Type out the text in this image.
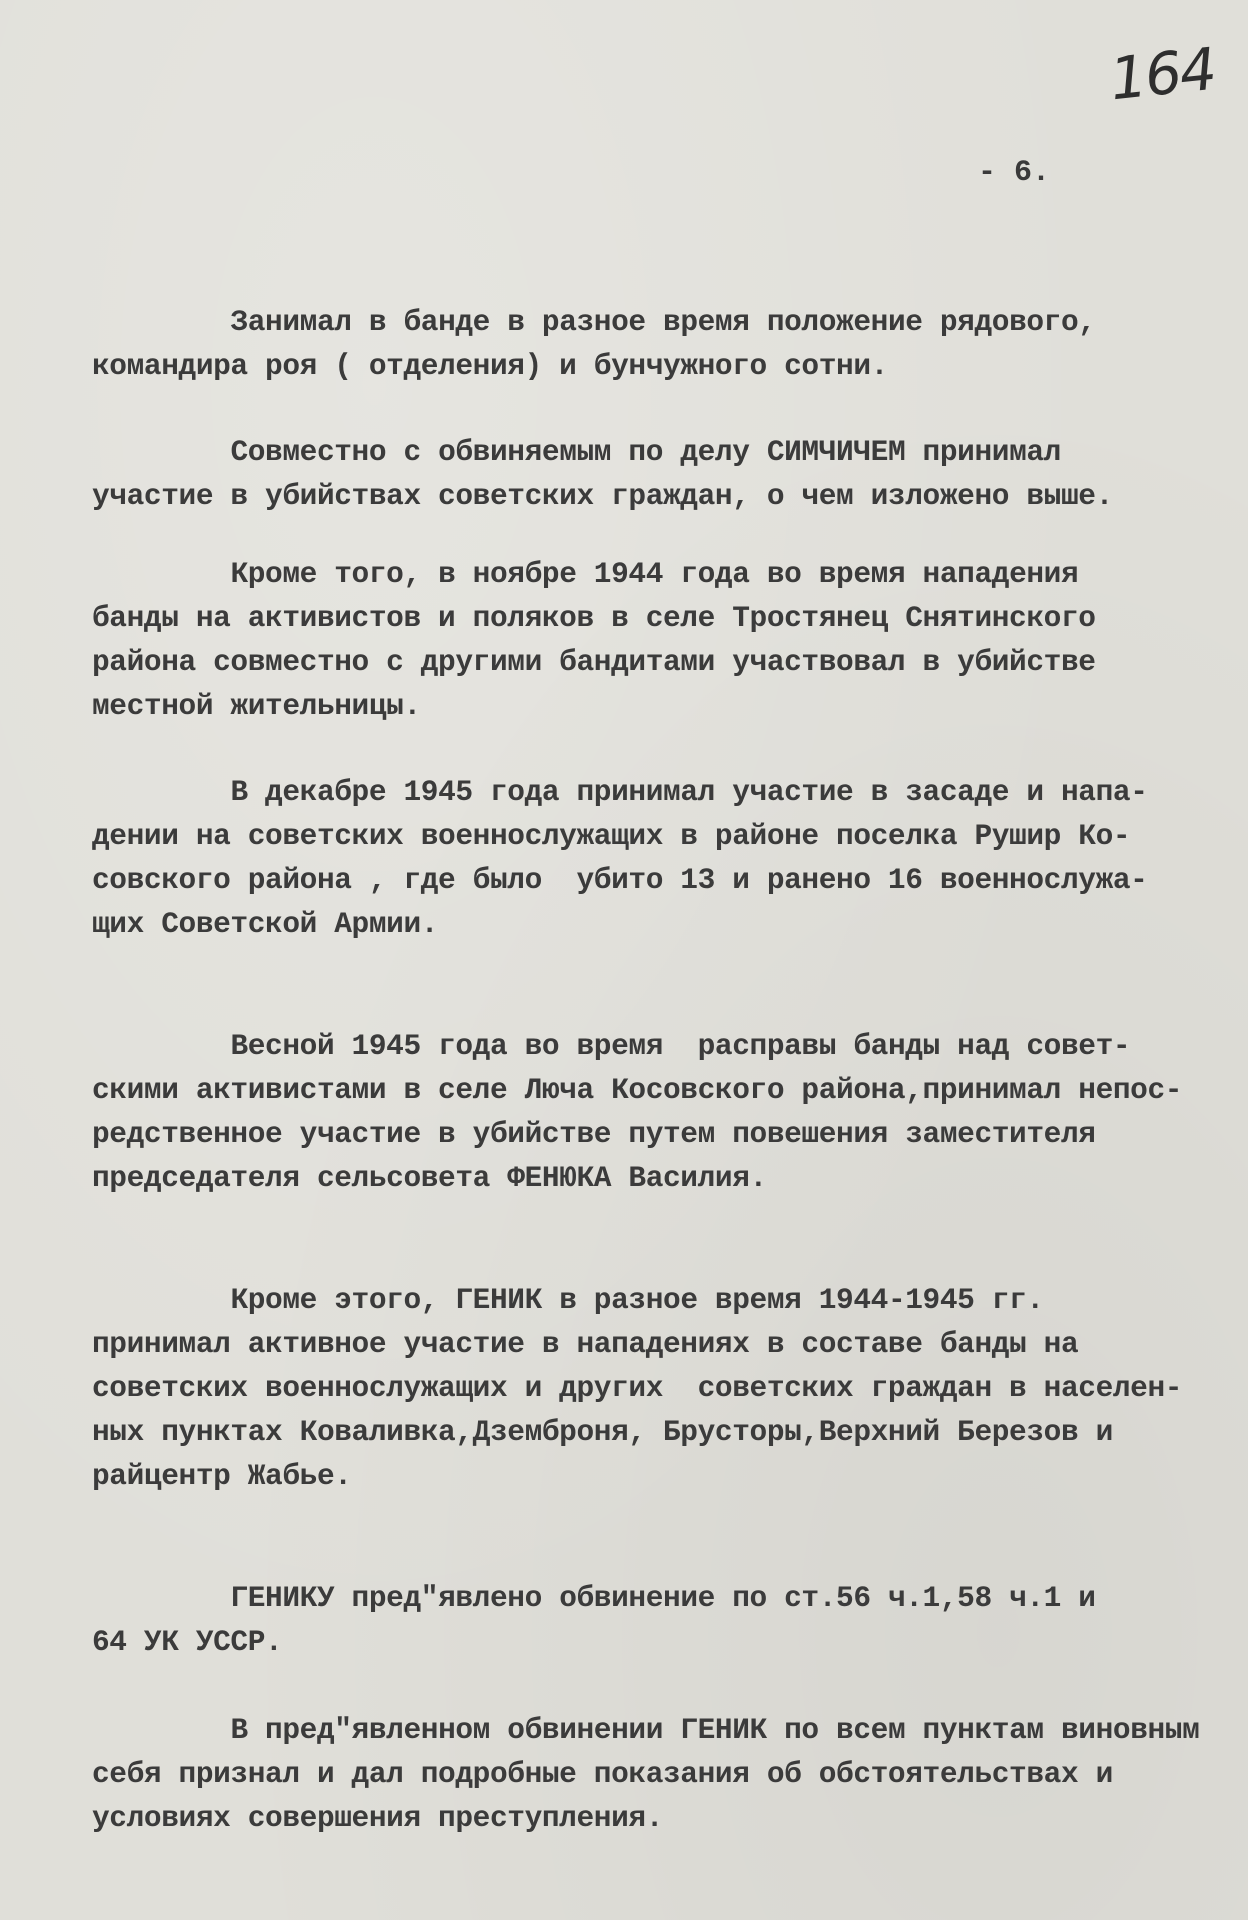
164
- 6.

Занимал в банде в разное время положение рядового,
командира роя ( отделения) и бунчужного сотни.

Совместно с обвиняемым по делу СИМЧИЧЕМ принимал
участие в убийствах советских граждан, о чем изложено выше.

Кроме того, в ноябре 1944 года во время нападения
банды на активистов и поляков в селе Тростянец Снятинского
района совместно с другими бандитами участвовал в убийстве
местной жительницы.

В декабре 1945 года принимал участие в засаде и напа-
дении на советских военнослужащих в районе поселка Рушир Ко-
совского района , где было  убито 13 и ранено 16 военнослужа-
щих Советской Армии.

Весной 1945 года во время  расправы банды над совет-
скими активистами в селе Люча Косовского района,принимал непос-
редственное участие в убийстве путем повешения заместителя
председателя сельсовета ФЕНЮКА Василия.

Кроме этого, ГЕНИК в разное время 1944-1945 гг.
принимал активное участие в нападениях в составе банды на
советских военнослужащих и других  советских граждан в населен-
ных пунктах Коваливка,Дземброня, Брусторы,Верхний Березов и
райцентр Жабье.

ГЕНИКУ пред"явлено обвинение по ст.56 ч.1,58 ч.1 и
64 УК УССР.

В пред"явленном обвинении ГЕНИК по всем пунктам виновным
себя признал и дал подробные показания об обстоятельствах и
условиях совершения преступления.
